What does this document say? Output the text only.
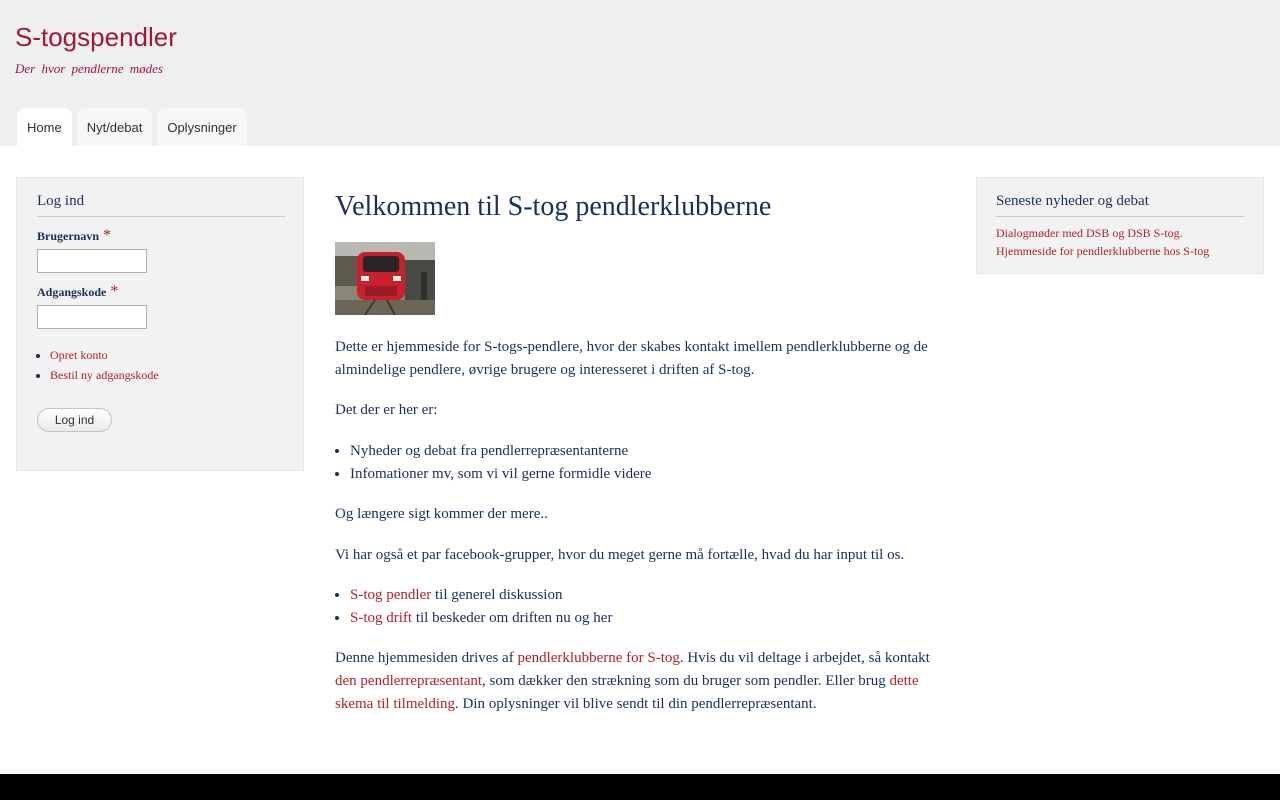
S-togspendler
Der hvor pendlerne mødes
Home	Nyt/debat	Oplysninger
Log ind
Brugernavn *
Adgangskode *
• Opret konto
• Bestil ny adgangskode
Log ind
Velkommen til S-tog pendlerklubberne

Dette er hjemmeside for S-togs-pendlere, hvor der skabes kontakt imellem pendlerklubberne og de almindelige pendlere, øvrige brugere og interesseret i driften af S-tog.

Det der er her er:

• Nyheder og debat fra pendlerrepræsentanterne
• Infomationer mv, som vi vil gerne formidle videre

Og længere sigt kommer der mere..

Vi har også et par facebook-grupper, hvor du meget gerne må fortælle, hvad du har input til os.

• S-tog pendler til generel diskussion
• S-tog drift til beskeder om driften nu og her

Denne hjemmesiden drives af pendlerklubberne for S-tog. Hvis du vil deltage i arbejdet, så kontakt den pendlerrepræsentant, som dækker den strækning som du bruger som pendler. Eller brug dette skema til tilmelding. Din oplysninger vil blive sendt til din pendlerrepræsentant.

Seneste nyheder og debat
Dialogmøder med DSB og DSB S-tog.
Hjemmeside for pendlerklubberne hos S-tog
